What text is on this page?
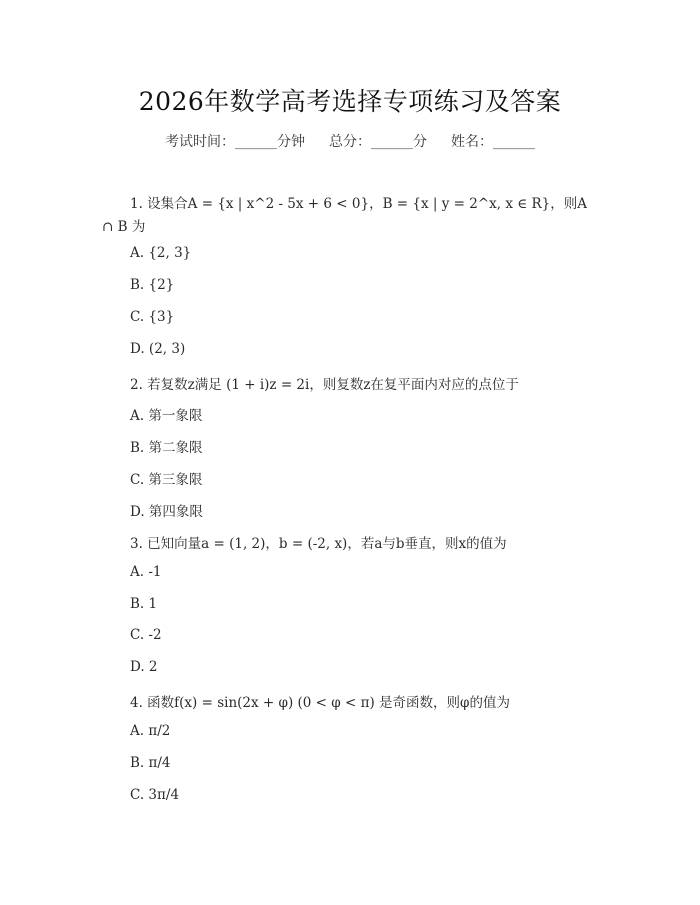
2026年数学高考选择专项练习及答案
考试时间：______分钟 总分：______分 姓名：______
1. 设集合A = {x | x^2 - 5x + 6 < 0}，B = {x | y = 2^x, x ∈ R}，则A
∩ B 为
A. {2, 3}
B. {2}
C. {3}
D. (2, 3)
2. 若复数z满足 (1 + i)z = 2i，则复数z在复平面内对应的点位于
A. 第一象限
B. 第二象限
C. 第三象限
D. 第四象限
3. 已知向量a = (1, 2)，b = (-2, x)，若a与b垂直，则x的值为
A. -1
B. 1
C. -2
D. 2
4. 函数f(x) = sin(2x + φ) (0 < φ < π) 是奇函数，则φ的值为
A. π/2
B. π/4
C. 3π/4
